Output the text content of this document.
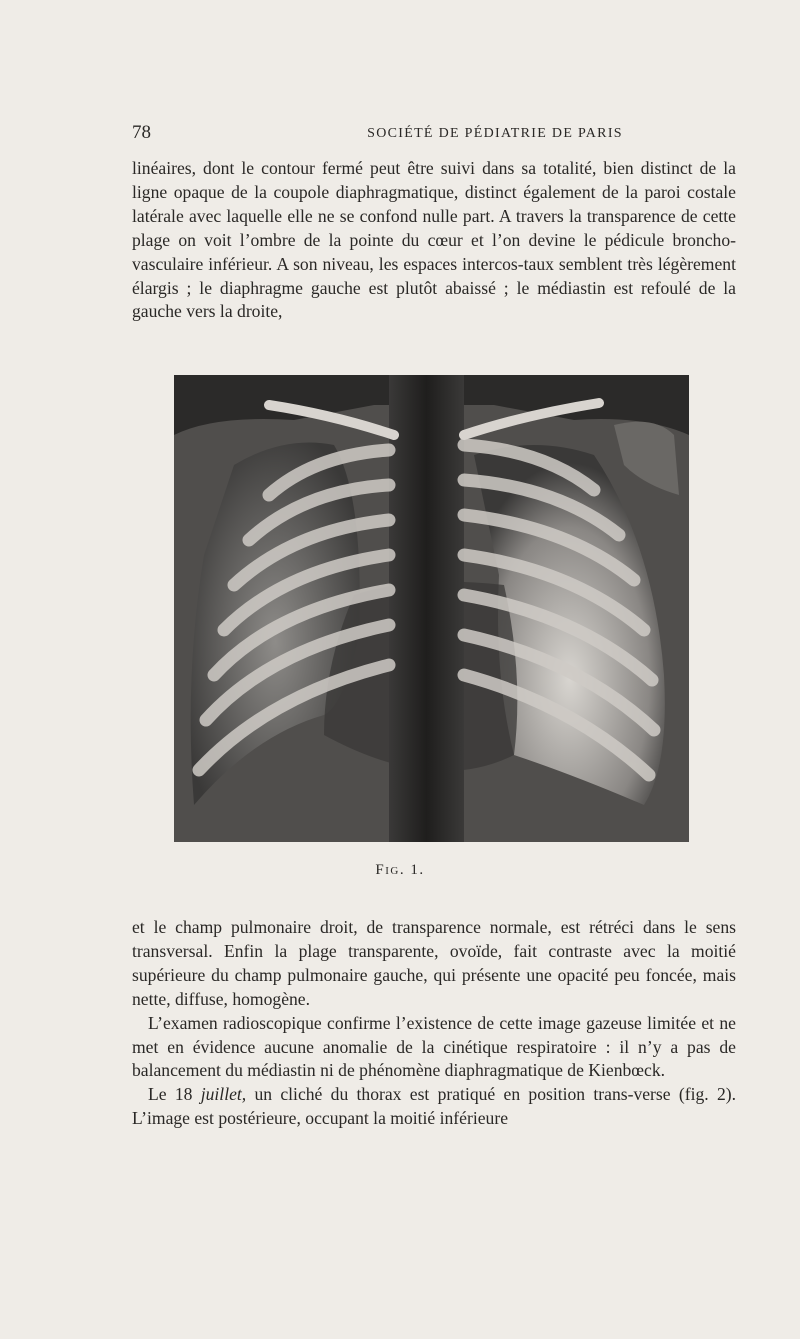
78	SOCIÉTÉ DE PÉDIATRIE DE PARIS

linéaires, dont le contour fermé peut être suivi dans sa totalité, bien distinct de la ligne opaque de la coupole diaphragmatique, distinct également de la paroi costale latérale avec laquelle elle ne se confond nulle part. A travers la transparence de cette plage on voit l’ombre de la pointe du cœur et l’on devine le pédicule broncho-vasculaire inférieur. A son niveau, les espaces intercos-taux semblent très légèrement élargis ; le diaphragme gauche est plutôt abaissé ; le médiastin est refoulé de la gauche vers la droite,

Fig. 1.

et le champ pulmonaire droit, de transparence normale, est rétréci dans le sens transversal. Enfin la plage transparente, ovoïde, fait contraste avec la moitié supérieure du champ pulmonaire gauche, qui présente une opacité peu foncée, mais nette, diffuse, homogène.

L’examen radioscopique confirme l’existence de cette image gazeuse limitée et ne met en évidence aucune anomalie de la cinétique respiratoire : il n’y a pas de balancement du médiastin ni de phénomène diaphragmatique de Kienbœck.

Le 18 juillet, un cliché du thorax est pratiqué en position trans-verse (fig. 2). L’image est postérieure, occupant la moitié inférieure
